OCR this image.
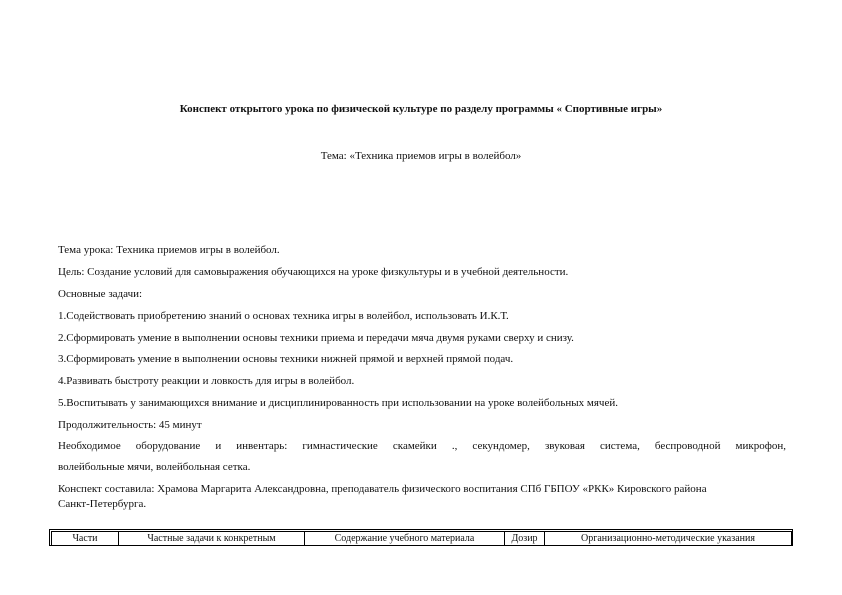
Конспект открытого урока по физической культуре по разделу программы « Спортивные игры»
Тема: «Техника приемов игры в волейбол»
Тема урока: Техника приемов игры в волейбол.
Цель: Создание условий для самовыражения обучающихся на уроке физкультуры и в учебной деятельности.
Основные задачи:
1.Содействовать приобретению знаний о основах техника игры в волейбол, использовать И.К.Т.
2.Сформировать умение в выполнении основы техники приема и передачи мяча двумя руками сверху и снизу.
3.Сформировать умение в выполнении основы техники нижней прямой и верхней прямой подач.
4.Развивать быстроту реакции и ловкость для игры в волейбол.
5.Воспитывать у занимающихся внимание и дисциплинированность при использовании на уроке волейбольных мячей.
Продолжительность: 45 минут
Необходимое оборудование и инвентарь: гимнастические скамейки ., секундомер, звуковая система, беспроводной микрофон,
волейбольные мячи, волейбольная сетка.
Конспект составила: Храмова Маргарита Александровна, преподаватель физического воспитания СПб ГБПОУ «РКК» Кировского района
Санкт-Петербурга.
Части	Частные задачи к конкретным	Содержание учебного материала	Дозир	Организационно-методические указания
